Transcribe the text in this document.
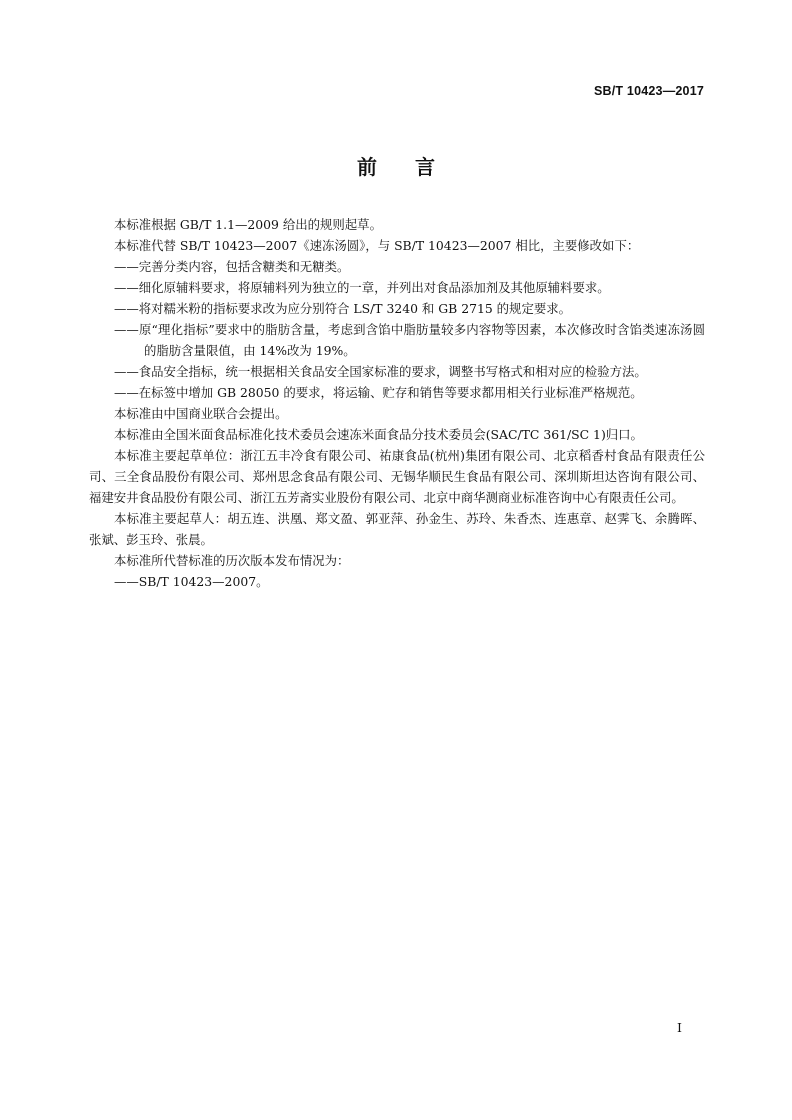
SB/T 10423—2017
前言

本标准根据 GB/T 1.1—2009 给出的规则起草。

本标准代替 SB/T 10423—2007《速冻汤圆》，与 SB/T 10423—2007 相比，主要修改如下：

——完善分类内容，包括含糖类和无糖类。

——细化原辅料要求，将原辅料列为独立的一章，并列出对食品添加剂及其他原辅料要求。

——将对糯米粉的指标要求改为应分别符合 LS/T 3240 和 GB 2715 的规定要求。

——原“理化指标”要求中的脂肪含量，考虑到含馅中脂肪量较多内容物等因素，本次修改时含馅类速冻汤圆的脂肪含量限值，由 14%改为 19%。

——食品安全指标，统一根据相关食品安全国家标准的要求，调整书写格式和相对应的检验方法。

——在标签中增加 GB 28050 的要求，将运输、贮存和销售等要求都用相关行业标准严格规范。

本标准由中国商业联合会提出。

本标准由全国米面食品标准化技术委员会速冻米面食品分技术委员会(SAC/TC 361/SC 1)归口。

本标准主要起草单位：浙江五丰冷食有限公司、祐康食品(杭州)集团有限公司、北京稻香村食品有限责任公司、三全食品股份有限公司、郑州思念食品有限公司、无锡华顺民生食品有限公司、深圳斯坦达咨询有限公司、福建安井食品股份有限公司、浙江五芳斋实业股份有限公司、北京中商华测商业标准咨询中心有限责任公司。

本标准主要起草人：胡五连、洪凰、郑文盈、郭亚萍、孙金生、苏玲、朱香杰、连惠章、赵霁飞、余腾晖、张斌、彭玉玲、张晨。

本标准所代替标准的历次版本发布情况为：

——SB/T 10423—2007。

I
